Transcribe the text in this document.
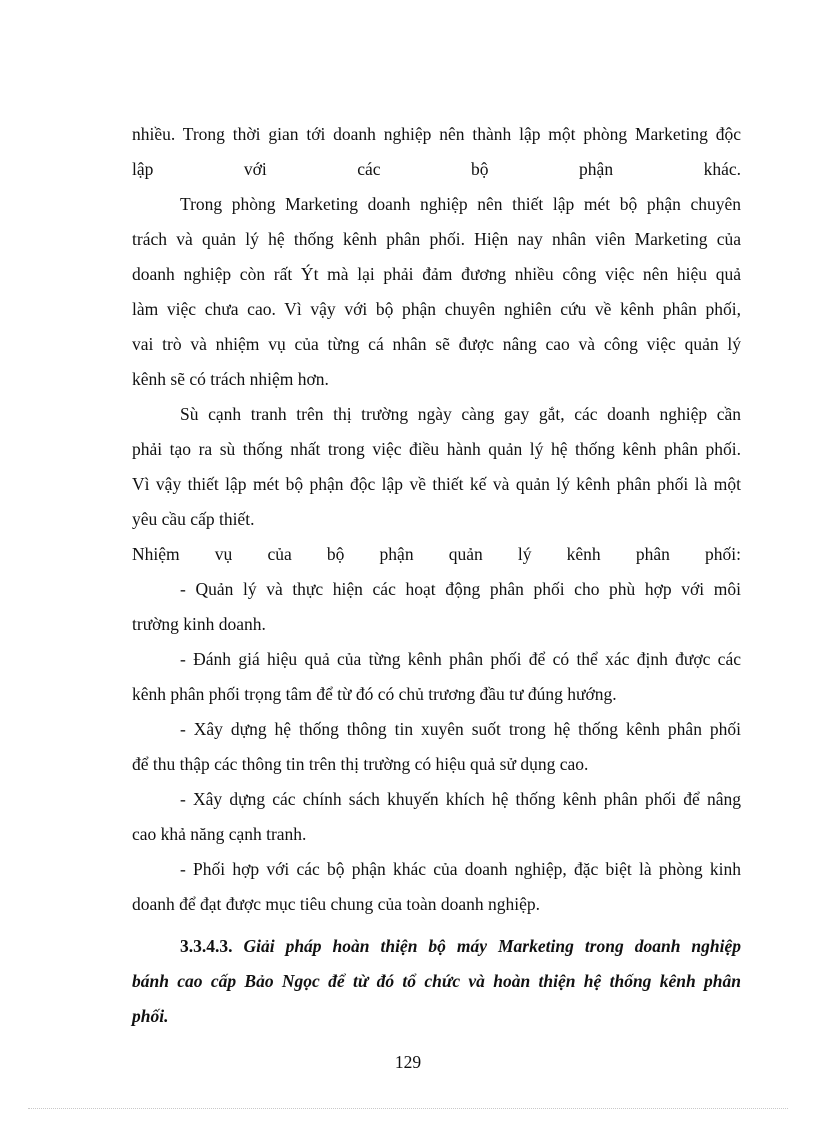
nhiều. Trong thời gian tới doanh nghiệp nên thành lập một phòng Marketing độc
lập với các bộ phận khác.

Trong phòng Marketing doanh nghiệp nên thiết lập mét bộ phận chuyên
trách và quản lý hệ thống kênh phân phối. Hiện nay nhân viên Marketing của
doanh nghiệp còn rất Ýt mà lại phải đảm đương nhiều công việc nên hiệu quả
làm việc chưa cao. Vì vậy với bộ phận chuyên nghiên cứu về kênh phân phối,
vai trò và nhiệm vụ của từng cá nhân sẽ được nâng cao và công việc quản lý
kênh sẽ có trách nhiệm hơn.

Sù cạnh tranh trên thị trường ngày càng gay gắt, các doanh nghiệp cần
phải tạo ra sù thống nhất trong việc điều hành quản lý hệ thống kênh phân phối.
Vì vậy thiết lập mét bộ phận độc lập về thiết kế và quản lý kênh phân phối là một
yêu cầu cấp thiết.

Nhiệm vụ của bộ phận quản lý kênh phân phối:

- Quản lý và thực hiện các hoạt động phân phối cho phù hợp với môi
trường kinh doanh.

- Đánh giá hiệu quả của từng kênh phân phối để có thể xác định được các
kênh phân phối trọng tâm để từ đó có chủ trương đầu tư đúng hướng.

- Xây dựng hệ thống thông tin xuyên suốt trong hệ thống kênh phân phối
để thu thập các thông tin trên thị trường có hiệu quả sử dụng cao.

- Xây dựng các chính sách khuyến khích hệ thống kênh phân phối để nâng
cao khả năng cạnh tranh.

- Phối hợp với các bộ phận khác của doanh nghiệp, đặc biệt là phòng kinh
doanh để đạt được mục tiêu chung của toàn doanh nghiệp.

3.3.4.3. Giải pháp hoàn thiện bộ máy Marketing trong doanh nghiệp
bánh cao cấp Bảo Ngọc để từ đó tổ chức và hoàn thiện hệ thống kênh phân
phối.

129
